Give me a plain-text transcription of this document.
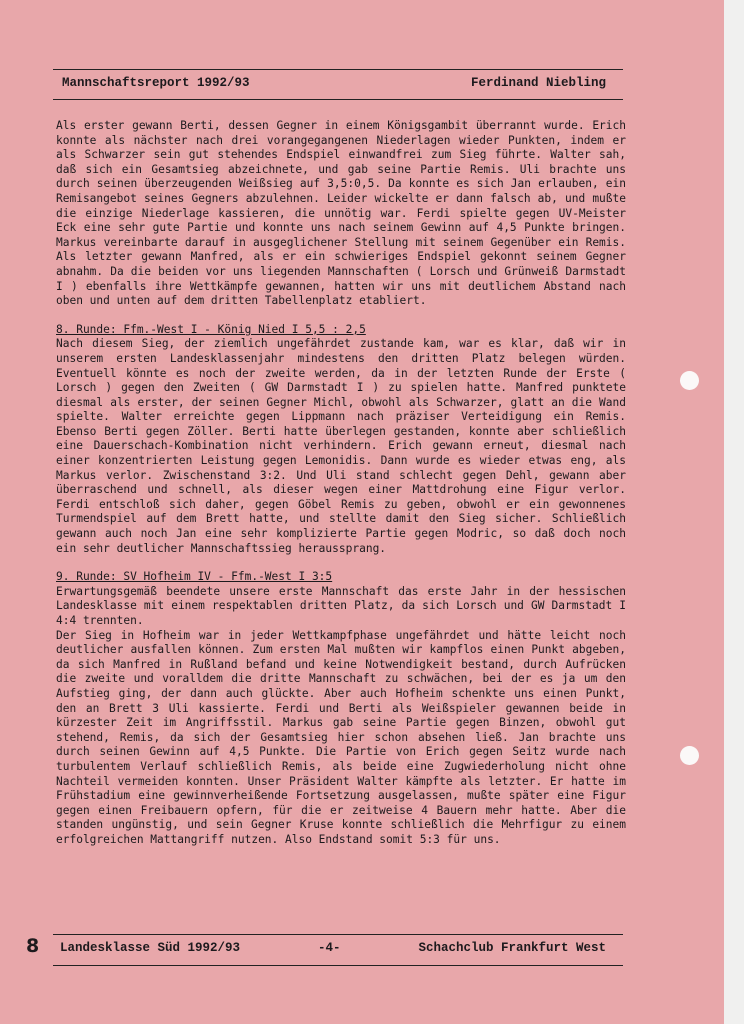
Mannschaftsreport 1992/93	Ferdinand Niebling

Als erster gewann Berti, dessen Gegner in einem Königsgambit überrannt wurde. Erich konnte als nächster nach drei vorangegangenen Niederlagen wieder Punkten, indem er als Schwarzer sein gut stehendes Endspiel einwandfrei zum Sieg führte. Walter sah, daß sich ein Gesamtsieg abzeichnete, und gab seine Partie Remis. Uli brachte uns durch seinen überzeugenden Weißsieg auf 3,5:0,5. Da konnte es sich Jan erlauben, ein Remisangebot seines Gegners abzulehnen. Leider wickelte er dann falsch ab, und mußte die einzige Niederlage kassieren, die unnötig war. Ferdi spielte gegen UV-Meister Eck eine sehr gute Partie und konnte uns nach seinem Gewinn auf 4,5 Punkte bringen. Markus vereinbarte darauf in ausgeglichener Stellung mit seinem Gegenüber ein Remis. Als letzter gewann Manfred, als er ein schwieriges Endspiel gekonnt seinem Gegner abnahm. Da die beiden vor uns liegenden Mannschaften ( Lorsch und Grünweiß Darmstadt I ) ebenfalls ihre Wettkämpfe gewannen, hatten wir uns mit deutlichem Abstand nach oben und unten auf dem dritten Tabellenplatz etabliert.

8. Runde: Ffm.-West I - König Nied I 5,5 : 2,5

Nach diesem Sieg, der ziemlich ungefährdet zustande kam, war es klar, daß wir in unserem ersten Landesklassenjahr mindestens den dritten Platz belegen würden. Eventuell könnte es noch der zweite werden, da in der letzten Runde der Erste ( Lorsch ) gegen den Zweiten ( GW Darmstadt I ) zu spielen hatte. Manfred punktete diesmal als erster, der seinen Gegner Michl, obwohl als Schwarzer, glatt an die Wand spielte. Walter erreichte gegen Lippmann nach präziser Verteidigung ein Remis. Ebenso Berti gegen Zöller. Berti hatte überlegen gestanden, konnte aber schließlich eine Dauerschach-Kombination nicht verhindern. Erich gewann erneut, diesmal nach einer konzentrierten Leistung gegen Lemonidis. Dann wurde es wieder etwas eng, als Markus verlor. Zwischenstand 3:2. Und Uli stand schlecht gegen Dehl, gewann aber überraschend und schnell, als dieser wegen einer Mattdrohung eine Figur verlor. Ferdi entschloß sich daher, gegen Göbel Remis zu geben, obwohl er ein gewonnenes Turmendspiel auf dem Brett hatte, und stellte damit den Sieg sicher. Schließlich gewann auch noch Jan eine sehr komplizierte Partie gegen Modric, so daß doch noch ein sehr deutlicher Mannschaftssieg heraussprang.

9. Runde: SV Hofheim IV - Ffm.-West I 3:5

Erwartungsgemäß beendete unsere erste Mannschaft das erste Jahr in der hessischen Landesklasse mit einem respektablen dritten Platz, da sich Lorsch und GW Darmstadt I 4:4 trennten.

Der Sieg in Hofheim war in jeder Wettkampfphase ungefährdet und hätte leicht noch deutlicher ausfallen können. Zum ersten Mal mußten wir kampflos einen Punkt abgeben, da sich Manfred in Rußland befand und keine Notwendigkeit bestand, durch Aufrücken die zweite und voralldem die dritte Mannschaft zu schwächen, bei der es ja um den Aufstieg ging, der dann auch glückte. Aber auch Hofheim schenkte uns einen Punkt, den an Brett 3 Uli kassierte. Ferdi und Berti als Weißspieler gewannen beide in kürzester Zeit im Angriffsstil. Markus gab seine Partie gegen Binzen, obwohl gut stehend, Remis, da sich der Gesamtsieg hier schon absehen ließ. Jan brachte uns durch seinen Gewinn auf 4,5 Punkte. Die Partie von Erich gegen Seitz wurde nach turbulentem Verlauf schließlich Remis, als beide eine Zugwiederholung nicht ohne Nachteil vermeiden konnten. Unser Präsident Walter kämpfte als letzter. Er hatte im Frühstadium eine gewinnverheißende Fortsetzung ausgelassen, mußte später eine Figur gegen einen Freibauern opfern, für die er zeitweise 4 Bauern mehr hatte. Aber die standen ungünstig, und sein Gegner Kruse konnte schließlich die Mehrfigur zu einem erfolgreichen Mattangriff nutzen. Also Endstand somit 5:3 für uns.

8 Landesklasse Süd 1992/93	-4-	Schachclub Frankfurt West
